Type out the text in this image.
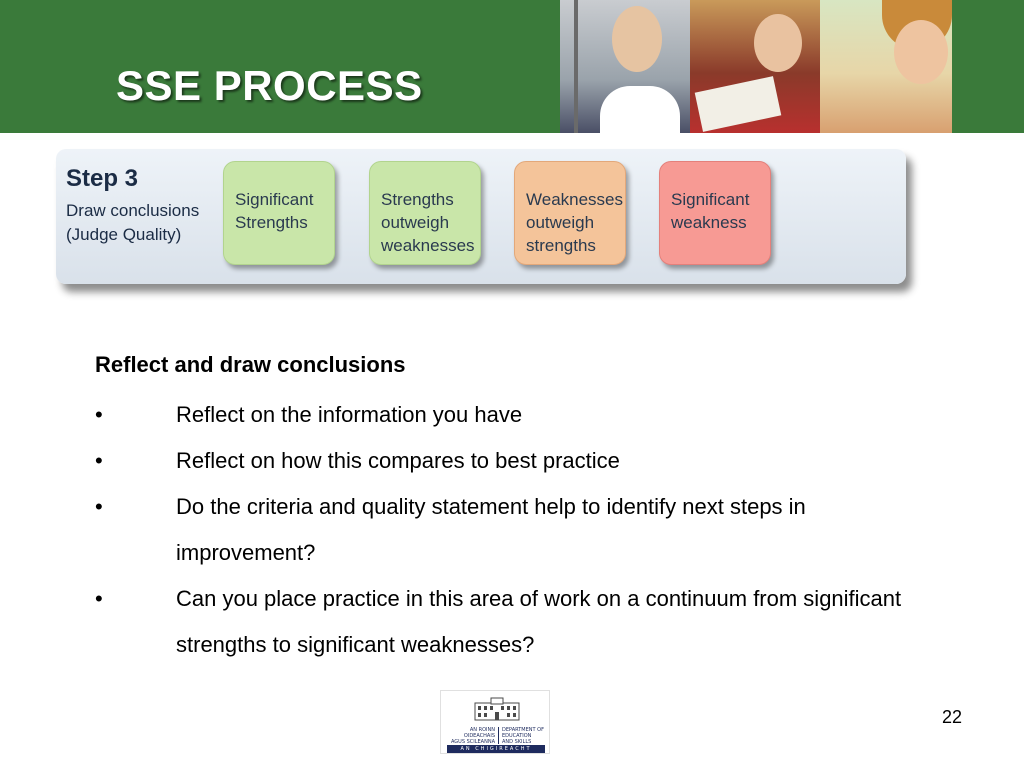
SSE PROCESS
Step 3
Draw conclusions
(Judge Quality)
Significant
Strengths
Strengths
outweigh
weaknesses
Weaknesses
outweigh
strengths
Significant
weakness
Reflect and draw conclusions
•	Reflect on the information you have
•	Reflect on how this compares to best practice
•	Do the criteria and quality statement help to identify next steps in improvement?
•	Can you place practice in this area of work on a continuum from significant strengths to significant weaknesses?
AN ROINN
OIDEACHAIS
AGUS SCILEANNA
DEPARTMENT OF
EDUCATION
AND SKILLS
AN CHIGIREACHT
22
